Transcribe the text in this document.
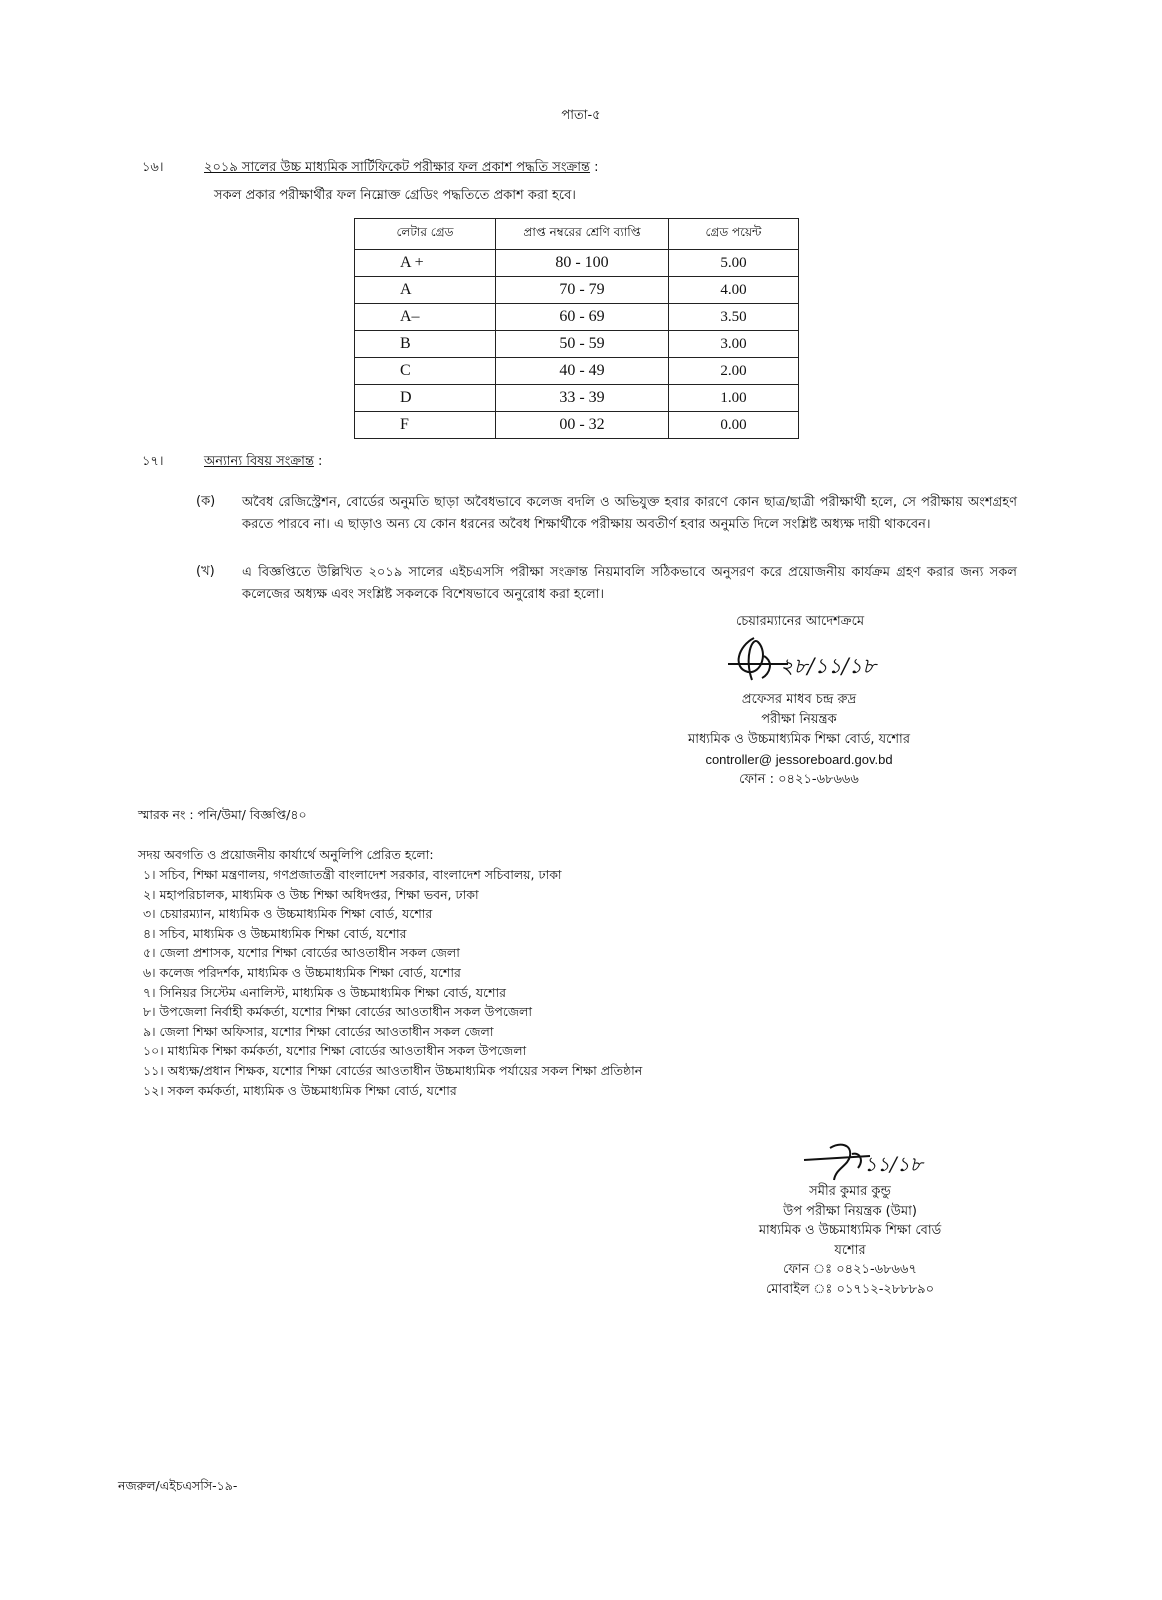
পাতা-৫
১৬।	২০১৯ সালের উচ্চ মাধ্যমিক সার্টিফিকেট পরীক্ষার ফল প্রকাশ পদ্ধতি সংক্রান্ত :
সকল প্রকার পরীক্ষার্থীর ফল নিম্নোক্ত গ্রেডিং পদ্ধতিতে প্রকাশ করা হবে।
লেটার গ্রেড	প্রাপ্ত নম্বরের শ্রেণি ব্যাপ্তি	গ্রেড পয়েন্ট
A +	80 - 100	5.00
A	70 - 79	4.00
A–	60 - 69	3.50
B	50 - 59	3.00
C	40 - 49	2.00
D	33 - 39	1.00
F	00 - 32	0.00
১৭।	অন্যান্য বিষয় সংক্রান্ত :
(ক) অবৈধ রেজিস্ট্রেশন, বোর্ডের অনুমতি ছাড়া অবৈধভাবে কলেজ বদলি ও অভিযুক্ত হবার কারণে কোন ছাত্র/ছাত্রী পরীক্ষার্থী হলে, সে পরীক্ষায় অংশগ্রহণ করতে পারবে না। এ ছাড়াও অন্য যে কোন ধরনের অবৈধ শিক্ষার্থীকে পরীক্ষায় অবতীর্ণ হবার অনুমতি দিলে সংশ্লিষ্ট অধ্যক্ষ দায়ী থাকবেন।
(খ) এ বিজ্ঞপ্তিতে উল্লিখিত ২০১৯ সালের এইচএসসি পরীক্ষা সংক্রান্ত নিয়মাবলি সঠিকভাবে অনুসরণ করে প্রয়োজনীয় কার্যক্রম গ্রহণ করার জন্য সকল কলেজের অধ্যক্ষ এবং সংশ্লিষ্ট সকলকে বিশেষভাবে অনুরোধ করা হলো।
চেয়ারম্যানের আদেশক্রমে
২৮/১১/১৮
প্রফেসর মাধব চন্দ্র রুদ্র
পরীক্ষা নিয়ন্ত্রক
মাধ্যমিক ও উচ্চমাধ্যমিক শিক্ষা বোর্ড, যশোর
controller@ jessoreboard.gov.bd
ফোন : ০৪২১-৬৮৬৬৬
স্মারক নং : পনি/উমা/ বিজ্ঞপ্তি/৪০
সদয় অবগতি ও প্রয়োজনীয় কার্যার্থে অনুলিপি প্রেরিত হলো:
১। সচিব, শিক্ষা মন্ত্রণালয়, গণপ্রজাতন্ত্রী বাংলাদেশ সরকার, বাংলাদেশ সচিবালয়, ঢাকা
২। মহাপরিচালক, মাধ্যমিক ও উচ্চ শিক্ষা অধিদপ্তর, শিক্ষা ভবন, ঢাকা
৩। চেয়ারম্যান, মাধ্যমিক ও উচ্চমাধ্যমিক শিক্ষা বোর্ড, যশোর
৪। সচিব, মাধ্যমিক ও উচ্চমাধ্যমিক শিক্ষা বোর্ড, যশোর
৫। জেলা প্রশাসক, যশোর শিক্ষা বোর্ডের আওতাধীন সকল জেলা
৬। কলেজ পরিদর্শক, মাধ্যমিক ও উচ্চমাধ্যমিক শিক্ষা বোর্ড, যশোর
৭। সিনিয়র সিস্টেম এনালিস্ট, মাধ্যমিক ও উচ্চমাধ্যমিক শিক্ষা বোর্ড, যশোর
৮। উপজেলা নির্বাহী কর্মকর্তা, যশোর শিক্ষা বোর্ডের আওতাধীন সকল উপজেলা
৯। জেলা শিক্ষা অফিসার, যশোর শিক্ষা বোর্ডের আওতাধীন সকল জেলা
১০। মাধ্যমিক শিক্ষা কর্মকর্তা, যশোর শিক্ষা বোর্ডের আওতাধীন সকল উপজেলা
১১। অধ্যক্ষ/প্রধান শিক্ষক, যশোর শিক্ষা বোর্ডের আওতাধীন উচ্চমাধ্যমিক পর্যায়ের সকল শিক্ষা প্রতিষ্ঠান
১২। সকল কর্মকর্তা, মাধ্যমিক ও উচ্চমাধ্যমিক শিক্ষা বোর্ড, যশোর
১১/১৮
সমীর কুমার কুন্ডু
উপ পরীক্ষা নিয়ন্ত্রক (উমা)
মাধ্যমিক ও উচ্চমাধ্যমিক শিক্ষা বোর্ড
যশোর
ফোন ঃ ০৪২১-৬৮৬৬৭
মোবাইল ঃ ০১৭১২-২৮৮৮৯০
নজরুল/এইচএসসি-১৯-
